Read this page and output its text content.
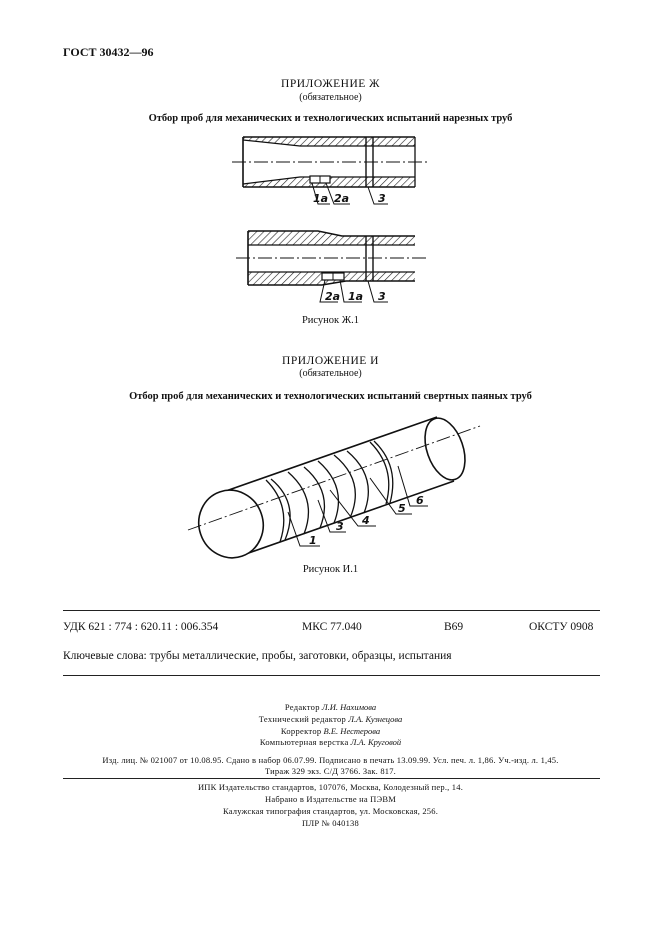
ГОСТ 30432—96
ПРИЛОЖЕНИЕ Ж
(обязательное)
Отбор проб для механических и технологических испытаний нарезных труб
1а 2а	3
2а 1а 3
Рисунок Ж.1
ПРИЛОЖЕНИЕ И
(обязательное)
Отбор проб для механических и технологических испытаний свертных паяных труб
1
3 4
5
6
Рисунок И.1
УДК 621 : 774 : 620.11 : 006.354	МКС 77.040	В69	ОКСТУ 0908
Ключевые слова: трубы металлические, пробы, заготовки, образцы, испытания
Редактор Л.И. Нахимова
Технический редактор Л.А. Кузнецова
Корректор В.Е. Нестерова
Компьютерная верстка Л.А. Круговой
Изд. лиц. № 021007 от 10.08.95. Сдано в набор 06.07.99. Подписано в печать 13.09.99. Усл. печ. л. 1,86. Уч.-изд. л. 1,45.
Тираж 329 экз. С/Д 3766. Зак. 817.
ИПК Издательство стандартов, 107076, Москва, Колодезный пер., 14.
Набрано в Издательстве на ПЭВМ
Калужская типография стандартов, ул. Московская, 256.
ПЛР № 040138
